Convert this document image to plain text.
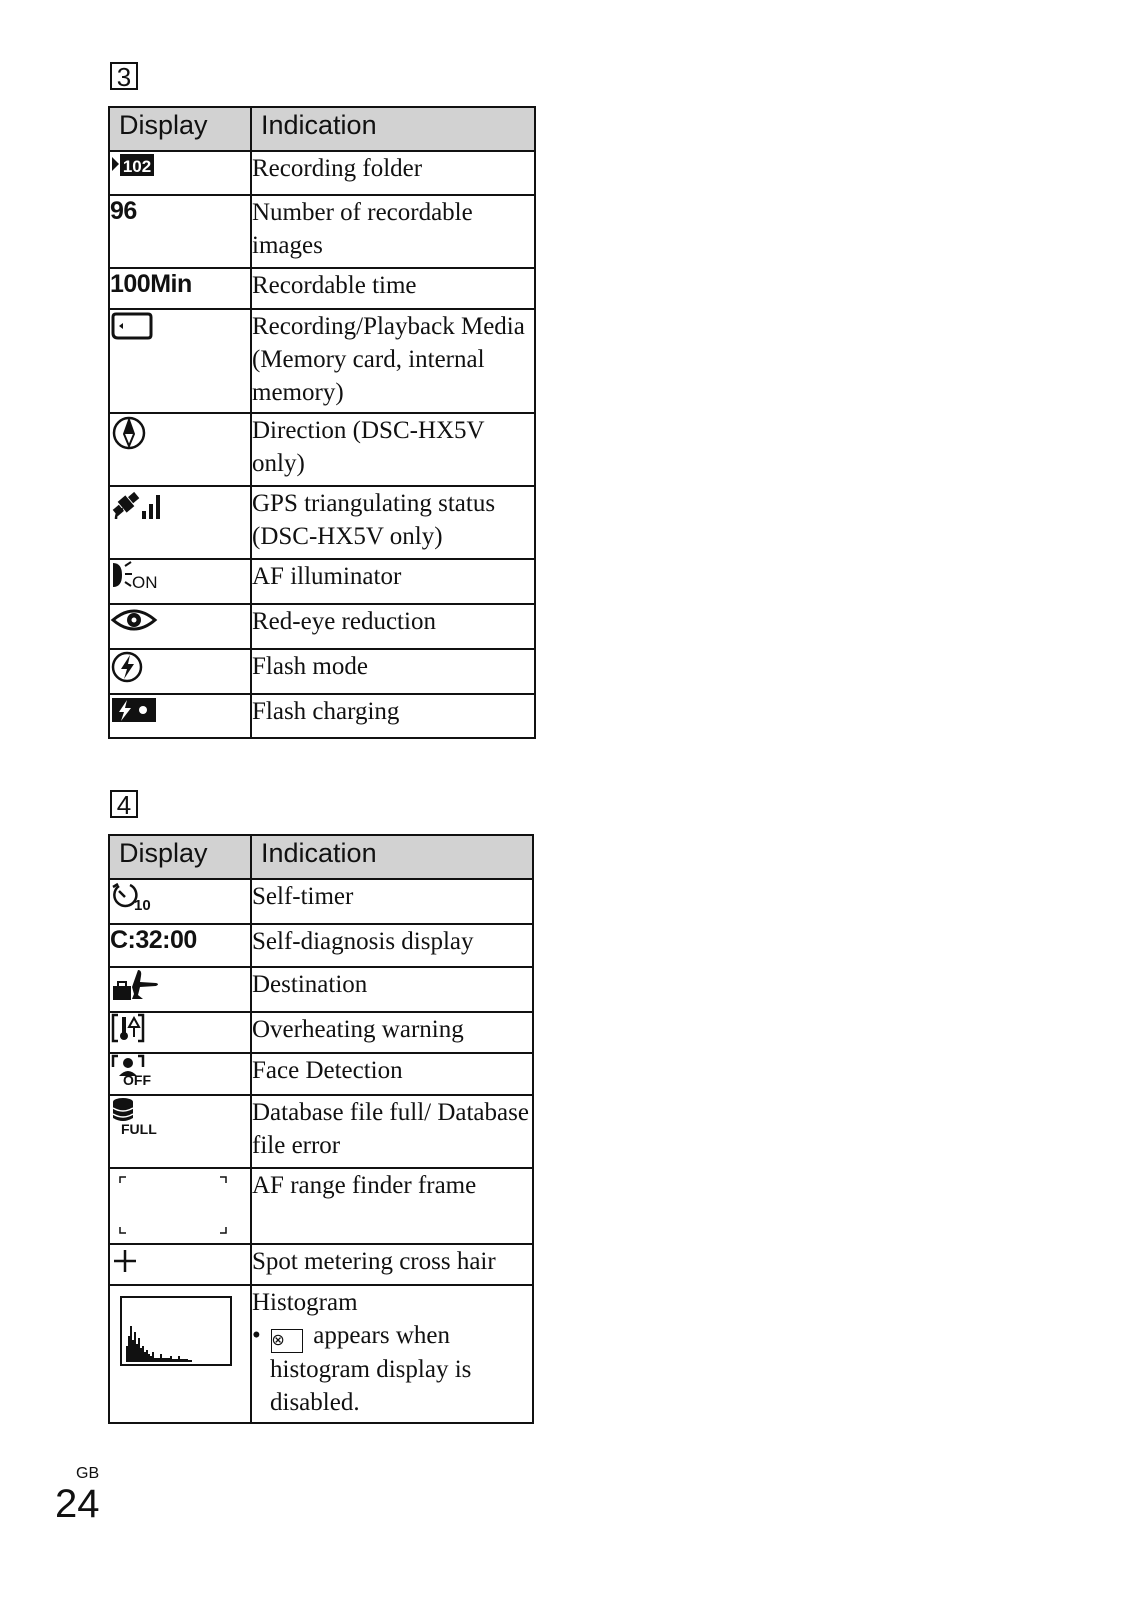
3
Display	Indication

102	Recording folder
96	Number of recordable images
100Min	Recordable time

	Recording/Playback Media (Memory card, internal memory)

	Direction (DSC-HX5V only)

	GPS triangulating status (DSC-HX5V only)

ON	AF illuminator

	Red-eye reduction

	Flash mode

	Flash charging
4
Display	Indication

10	Self-timer
C:32:00	Self-diagnosis display

	Destination

	Overheating warning

OFF	Face Detection

FULL	Database file full/ Database file error

	AF range finder frame

	Spot metering cross hair

	Histogram
• ⊗ appears when histogram display is disabled.
GB
24
